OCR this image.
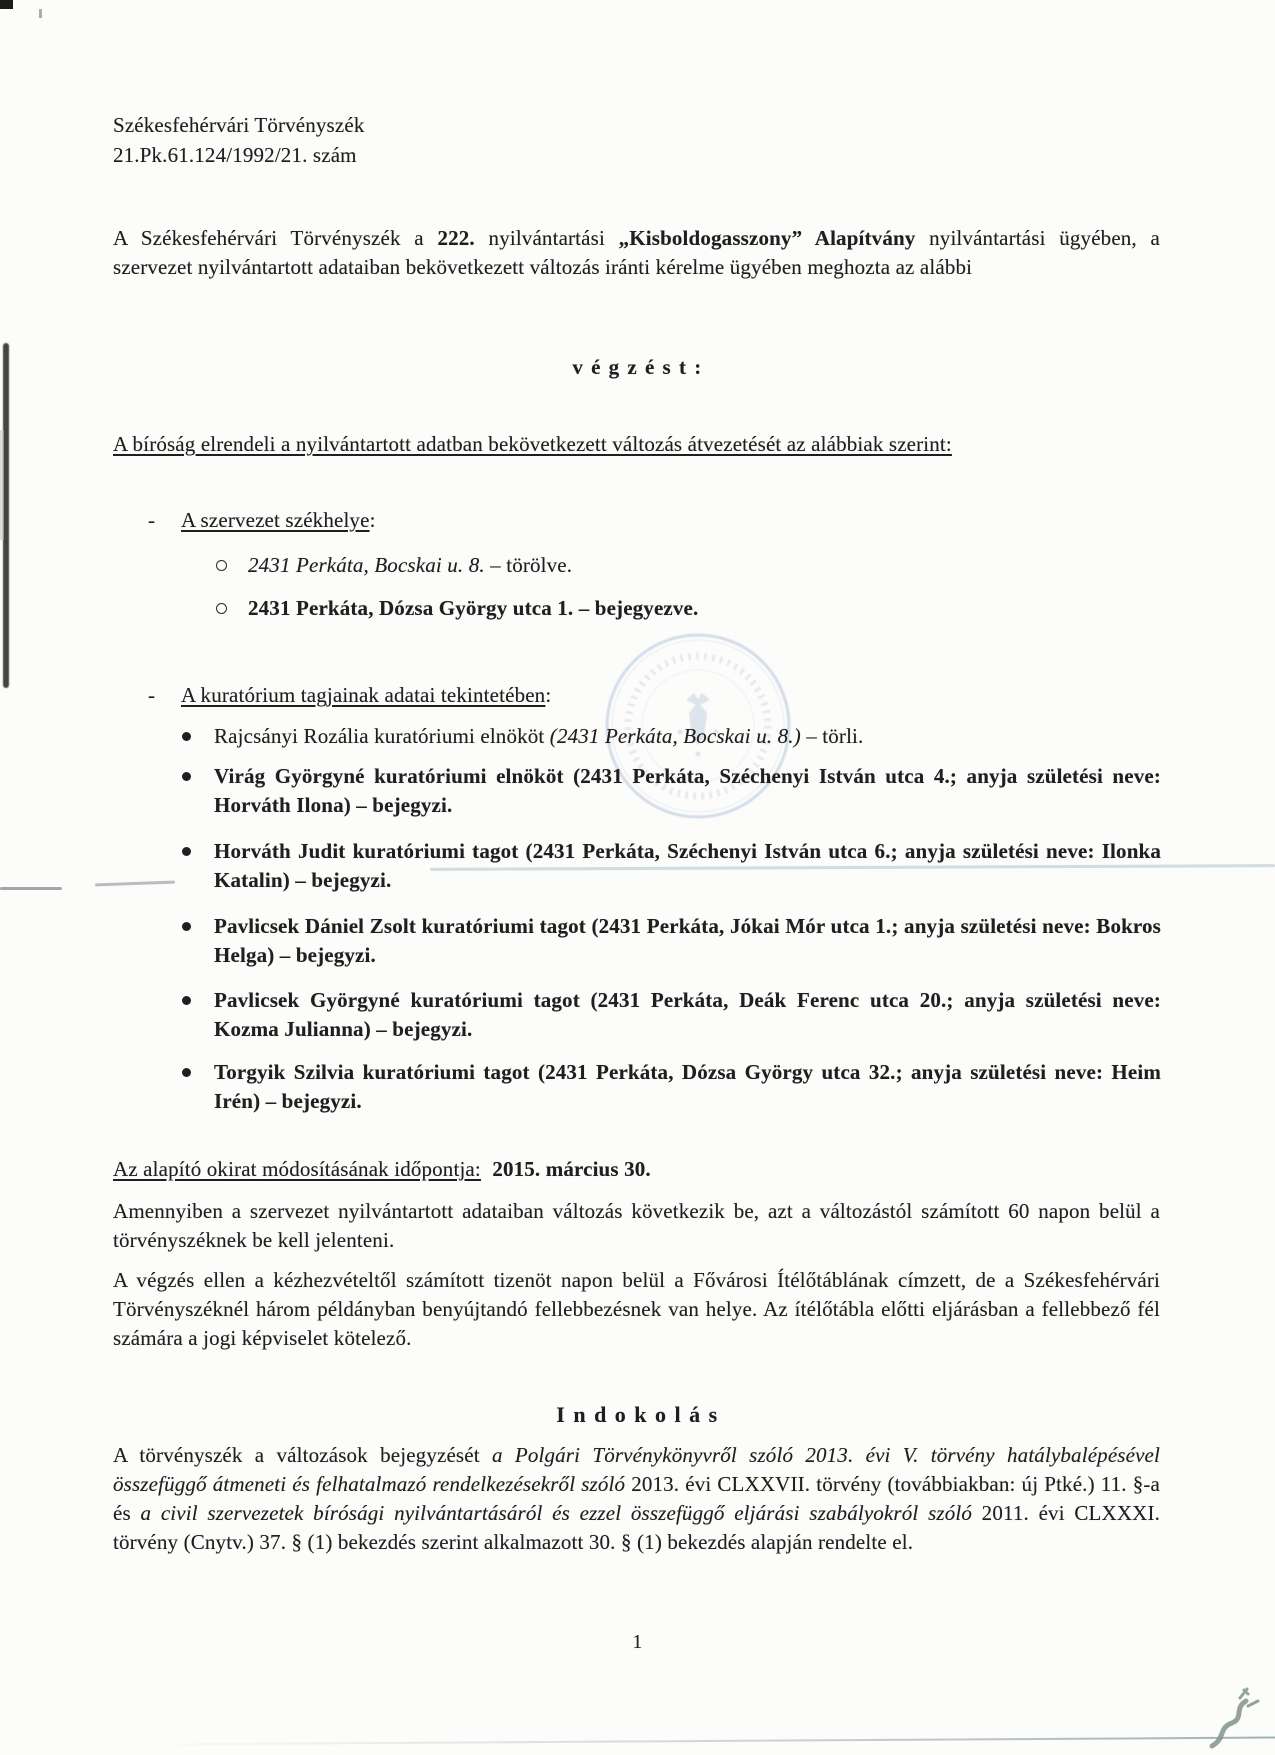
Székesfehérvári Törvényszék
21.Pk.61.124/1992/21. szám

A Székesfehérvári Törvényszék a 222. nyilvántartási „Kisboldogasszony” Alapítvány nyilvántartási ügyében, a szervezet nyilvántartott adataiban bekövetkezett változás iránti kérelme ügyében meghozta az alábbi

v é g z é s t :
A bíróság elrendeli a nyilvántartott adatban bekövetkezett változás átvezetését az alábbiak szerint:
- A szervezet székhelye:
2431 Perkáta, Bocskai u. 8. – törölve.
2431 Perkáta, Dózsa György utca 1. – bejegyezve.
- A kuratórium tagjainak adatai tekintetében:
Rajcsányi Rozália kuratóriumi elnököt (2431 Perkáta, Bocskai u. 8.) – törli.
Virág Györgyné kuratóriumi elnököt (2431 Perkáta, Széchenyi István utca 4.; anyja születési neve: Horváth Ilona) – bejegyzi.
Horváth Judit kuratóriumi tagot (2431 Perkáta, Széchenyi István utca 6.; anyja születési neve: Ilonka Katalin) – bejegyzi.
Pavlicsek Dániel Zsolt kuratóriumi tagot (2431 Perkáta, Jókai Mór utca 1.; anyja születési neve: Bokros Helga) – bejegyzi.
Pavlicsek Györgyné kuratóriumi tagot (2431 Perkáta, Deák Ferenc utca 20.; anyja születési neve: Kozma Julianna) – bejegyzi.
Torgyik Szilvia kuratóriumi tagot (2431 Perkáta, Dózsa György utca 32.; anyja születési neve: Heim Irén) – bejegyzi.
Az alapító okirat módosításának időpontja: 2015. március 30.

Amennyiben a szervezet nyilvántartott adataiban változás következik be, azt a változástól számított 60 napon belül a törvényszéknek be kell jelenteni.

A végzés ellen a kézhezvételtől számított tizenöt napon belül a Fővárosi Ítélőtáblának címzett, de a Székesfehérvári Törvényszéknél három példányban benyújtandó fellebbezésnek van helye. Az ítélőtábla előtti eljárásban a fellebbező fél számára a jogi képviselet kötelező.

I n d o k o l á s

A törvényszék a változások bejegyzését a Polgári Törvénykönyvről szóló 2013. évi V. törvény hatálybalépésével összefüggő átmeneti és felhatalmazó rendelkezésekről szóló 2013. évi CLXXVII. törvény (továbbiakban: új Ptké.) 11. §-a és a civil szervezetek bírósági nyilvántartásáról és ezzel összefüggő eljárási szabályokról szóló 2011. évi CLXXXI. törvény (Cnytv.) 37. § (1) bekezdés szerint alkalmazott 30. § (1) bekezdés alapján rendelte el.

1
